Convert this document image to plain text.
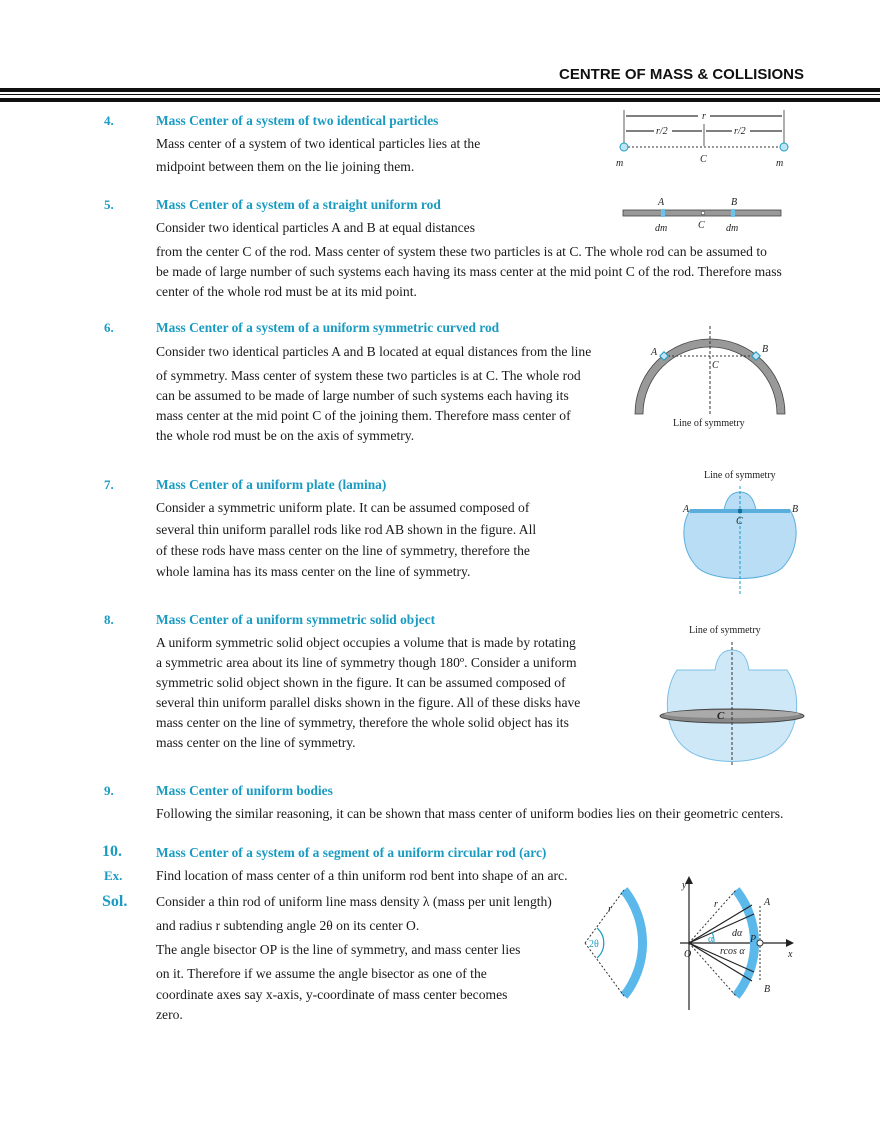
CENTRE OF MASS & COLLISIONS
4.	Mass Center of a system of two identical particles
Mass center of a system of two identical particles lies at the
midpoint between them on the lie joining them.
5.	Mass Center of a system of a straight uniform rod
Consider two identical particles A and B at equal distances
from the center C of the rod. Mass center of system these two particles is at C. The whole rod can be assumed to
be made of large number of such systems each having its mass center at the mid point C of the rod. Therefore mass
center of the whole rod must be at its mid point.
6.	Mass Center of a system of a uniform symmetric curved rod
Consider two identical particles A and B located at equal distances from the line
of symmetry. Mass center of system these two particles is at C. The whole rod
can be assumed to be made of large number of such systems each having its
mass center at the mid point C of the joining them. Therefore mass center of
the whole rod must be on the axis of symmetry.
7.	Mass Center of a uniform plate (lamina)
Consider a symmetric uniform plate. It can be assumed composed of
several thin uniform parallel rods like rod AB shown in the figure. All
of these rods have mass center on the line of symmetry, therefore the
whole lamina has its mass center on the line of symmetry.
8.	Mass Center of a uniform symmetric solid object
A uniform symmetric solid object occupies a volume that is made by rotating
a symmetric area about its line of symmetry though 180º. Consider a uniform
symmetric solid object shown in the figure. It can be assumed composed of
several thin uniform parallel disks shown in the figure. All of these disks have
mass center on the line of symmetry, therefore the whole solid object has its
mass center on the line of symmetry.
9.	Mass Center of uniform bodies
Following the similar reasoning, it can be shown that mass center of uniform bodies lies on their geometric centers.
10.	Mass Center of a system of a segment of a uniform circular rod (arc)
Ex. Find location of mass center of a thin uniform rod bent into shape of an arc.
Sol. Consider a thin rod of uniform line mass density λ (mass per unit length)
and radius r subtending angle 2θ on its center O.
The angle bisector OP is the line of symmetry, and mass center lies
on it. Therefore if we assume the angle bisector as one of the
coordinate axes say x-axis, y-coordinate of mass center becomes
zero.
r
r/2	r/2
m	C	m
A	B
dm	C dm
A	B
C
Line of symmetry
Line of symmetry
A	B
C
Line of symmetry
C
r
2θ
y
x
O
P
r	A
B
dα
α
rcos α
